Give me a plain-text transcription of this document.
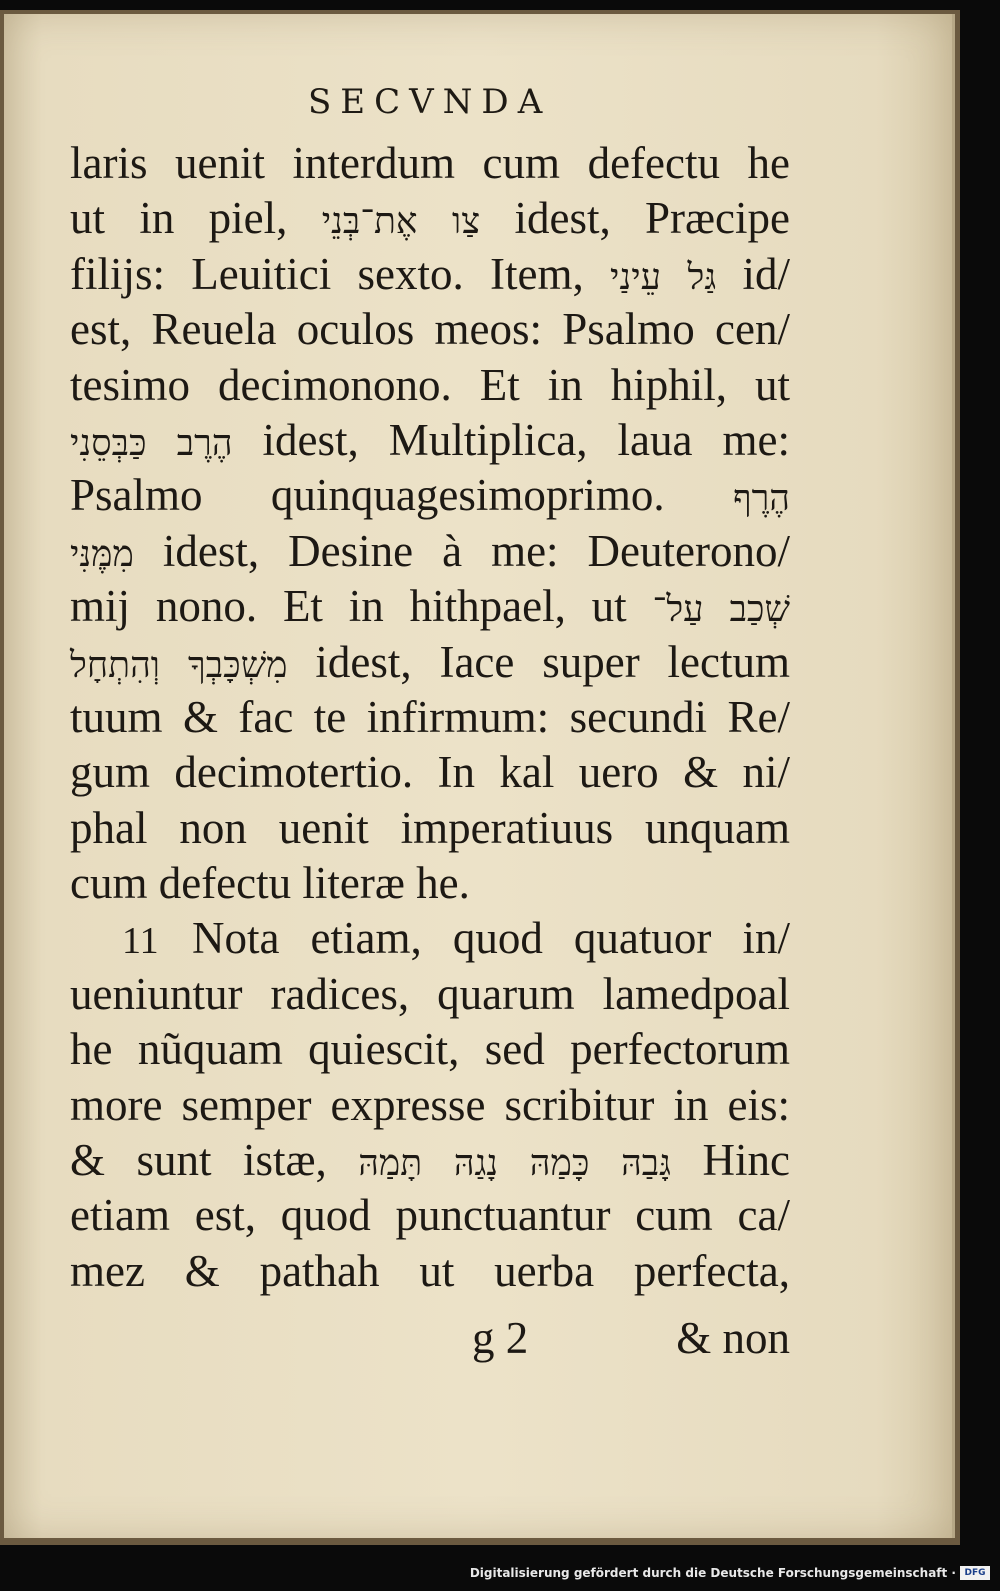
SECVNDA
laris uenit interdum cum defectu he
ut in piel, צַו אֶת־בְּנֵי idest, Præcipe
filijs: Leuitici sexto. Item, גַּל עֵינַי id/
est, Reuela oculos meos: Psalmo cen/
tesimo decimonono. Et in hiphil, ut
הֶרֶב כַּבְּסֵנִי idest, Multiplica, laua me:
Psalmo quinquagesimoprimo. הֶרֶף
מִמֶּנִּי idest, Desine à me: Deuterono/
mij nono. Et in hithpael, ut שְׁכַב עַל־
מִשְׁכָּבְךָ וְהִתְחָל idest, Iace super lectum
tuum & fac te infirmum: secundi Re/
gum decimotertio. In kal uero & ni/
phal non uenit imperatiuus unquam
cum defectu literæ he.
11 Nota etiam, quod quatuor in/
ueniuntur radices, quarum lamedpoal
he nũquam quiescit, sed perfectorum
more semper expresse scribitur in eis:
& sunt istæ, גָּבַהּ כָּמַהּ נָגַהּ תָּמַהּ Hinc
etiam est, quod punctuantur cum ca/
mez & pathah ut uerba perfecta,
g 2	& non
Digitalisierung gefördert durch die Deutsche Forschungsgemeinschaft · DFG
